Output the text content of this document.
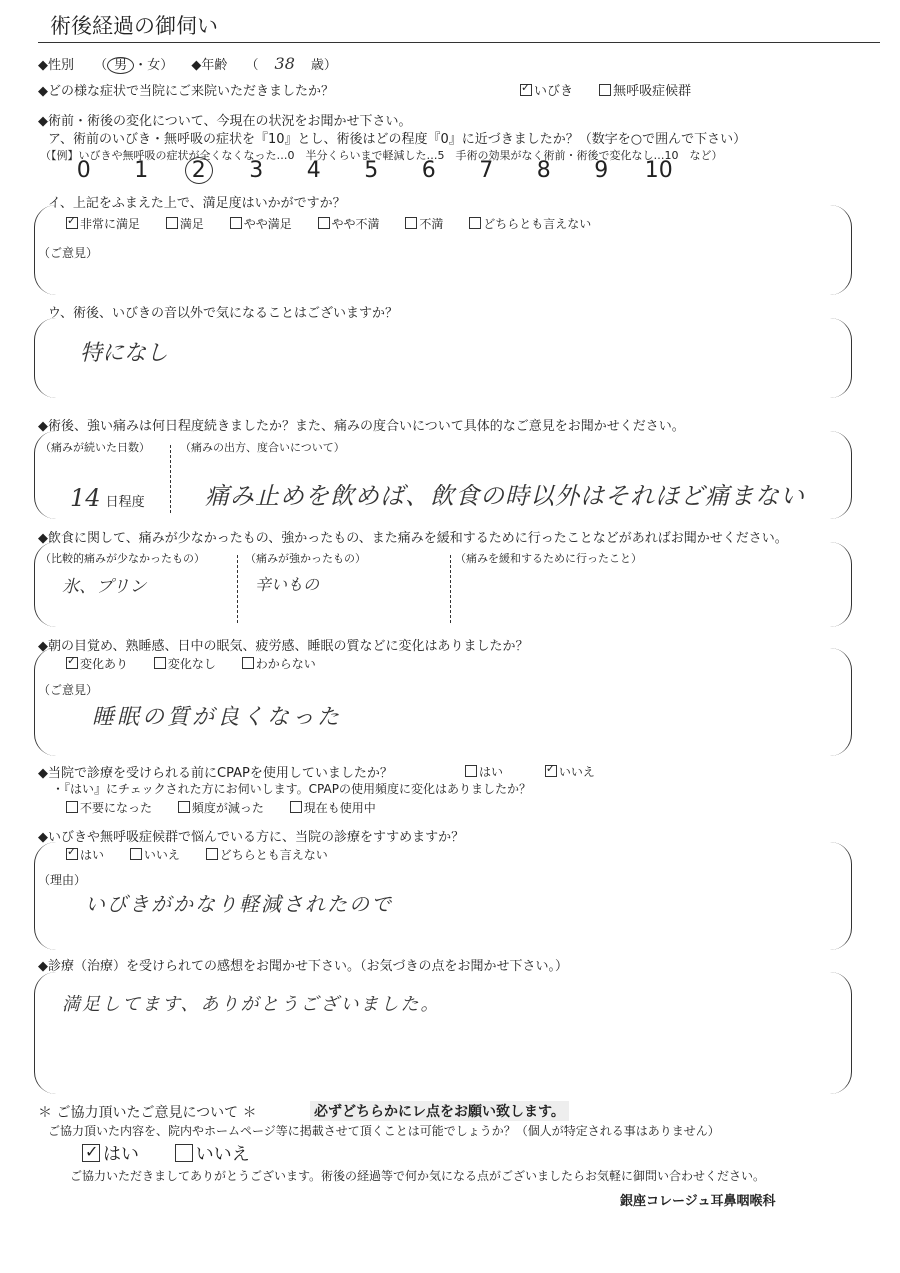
術後経過の御伺い
◆性別 （ 男 ・女） ◆年齢 （ 38 歳）
◆どの様な症状で当院にご来院いただきましたか？ ✓	いびき	無呼吸症候群
◆術前・術後の変化について、今現在の状況をお聞かせ下さい。
ア、術前のいびき・無呼吸の症状を『10』とし、術後はどの程度『0』に近づきましたか？（数字を○で囲んで下さい）
（【例】いびきや無呼吸の症状が全くなくなった…0　半分くらいまで軽減した…5　手術の効果がなく術前・術後で変化なし…10　など）
0 1 2 3 4 5 6 7 8 9 10
イ、上記をふまえた上で、満足度はいかがですか？
✓非常に満足	満足	やや満足	やや不満	不満	どちらとも言えない
（ご意見）
ウ、術後、いびきの音以外で気になることはございますか？
特になし
◆術後、強い痛みは何日程度続きましたか？また、痛みの度合いについて具体的なご意見をお聞かせください。
（痛みが続いた日数）	（痛みの出方、度合いについて）
14 日程度	痛み止めを飲めば、飲食の時以外はそれほど痛まない
◆飲食に関して、痛みが少なかったもの、強かったもの、また痛みを緩和するために行ったことなどがあればお聞かせください。
（比較的痛みが少なかったもの）	（痛みが強かったもの）	（痛みを緩和するために行ったこと）
氷、プリン	辛いもの
◆朝の目覚め、熟睡感、日中の眠気、疲労感、睡眠の質などに変化はありましたか？
✓変化あり	変化なし	わからない
（ご意見）
睡眠の質が良くなった
◆当院で診療を受けられる前にCPAPを使用していましたか？	はい ✓	いいえ
・『はい』にチェックされた方にお伺いします。CPAPの使用頻度に変化はありましたか？
不要になった	頻度が減った	現在も使用中
◆いびきや無呼吸症候群で悩んでいる方に、当院の診療をすすめますか？
✓はい	いいえ	どちらとも言えない
（理由）
いびきがかなり軽減されたので
◆診療（治療）を受けられての感想をお聞かせ下さい。（お気づきの点をお聞かせ下さい。）
満足してます、ありがとうございました。
＊ ご協力頂いたご意見について ＊	必ずどちらかにレ点をお願い致します。
ご協力頂いた内容を、院内やホームページ等に掲載させて頂くことは可能でしょうか？（個人が特定される事はありません）
✓はい	いいえ
ご協力いただきましてありがとうございます。術後の経過等で何か気になる点がございましたらお気軽に御問い合わせください。
銀座コレージュ耳鼻咽喉科
